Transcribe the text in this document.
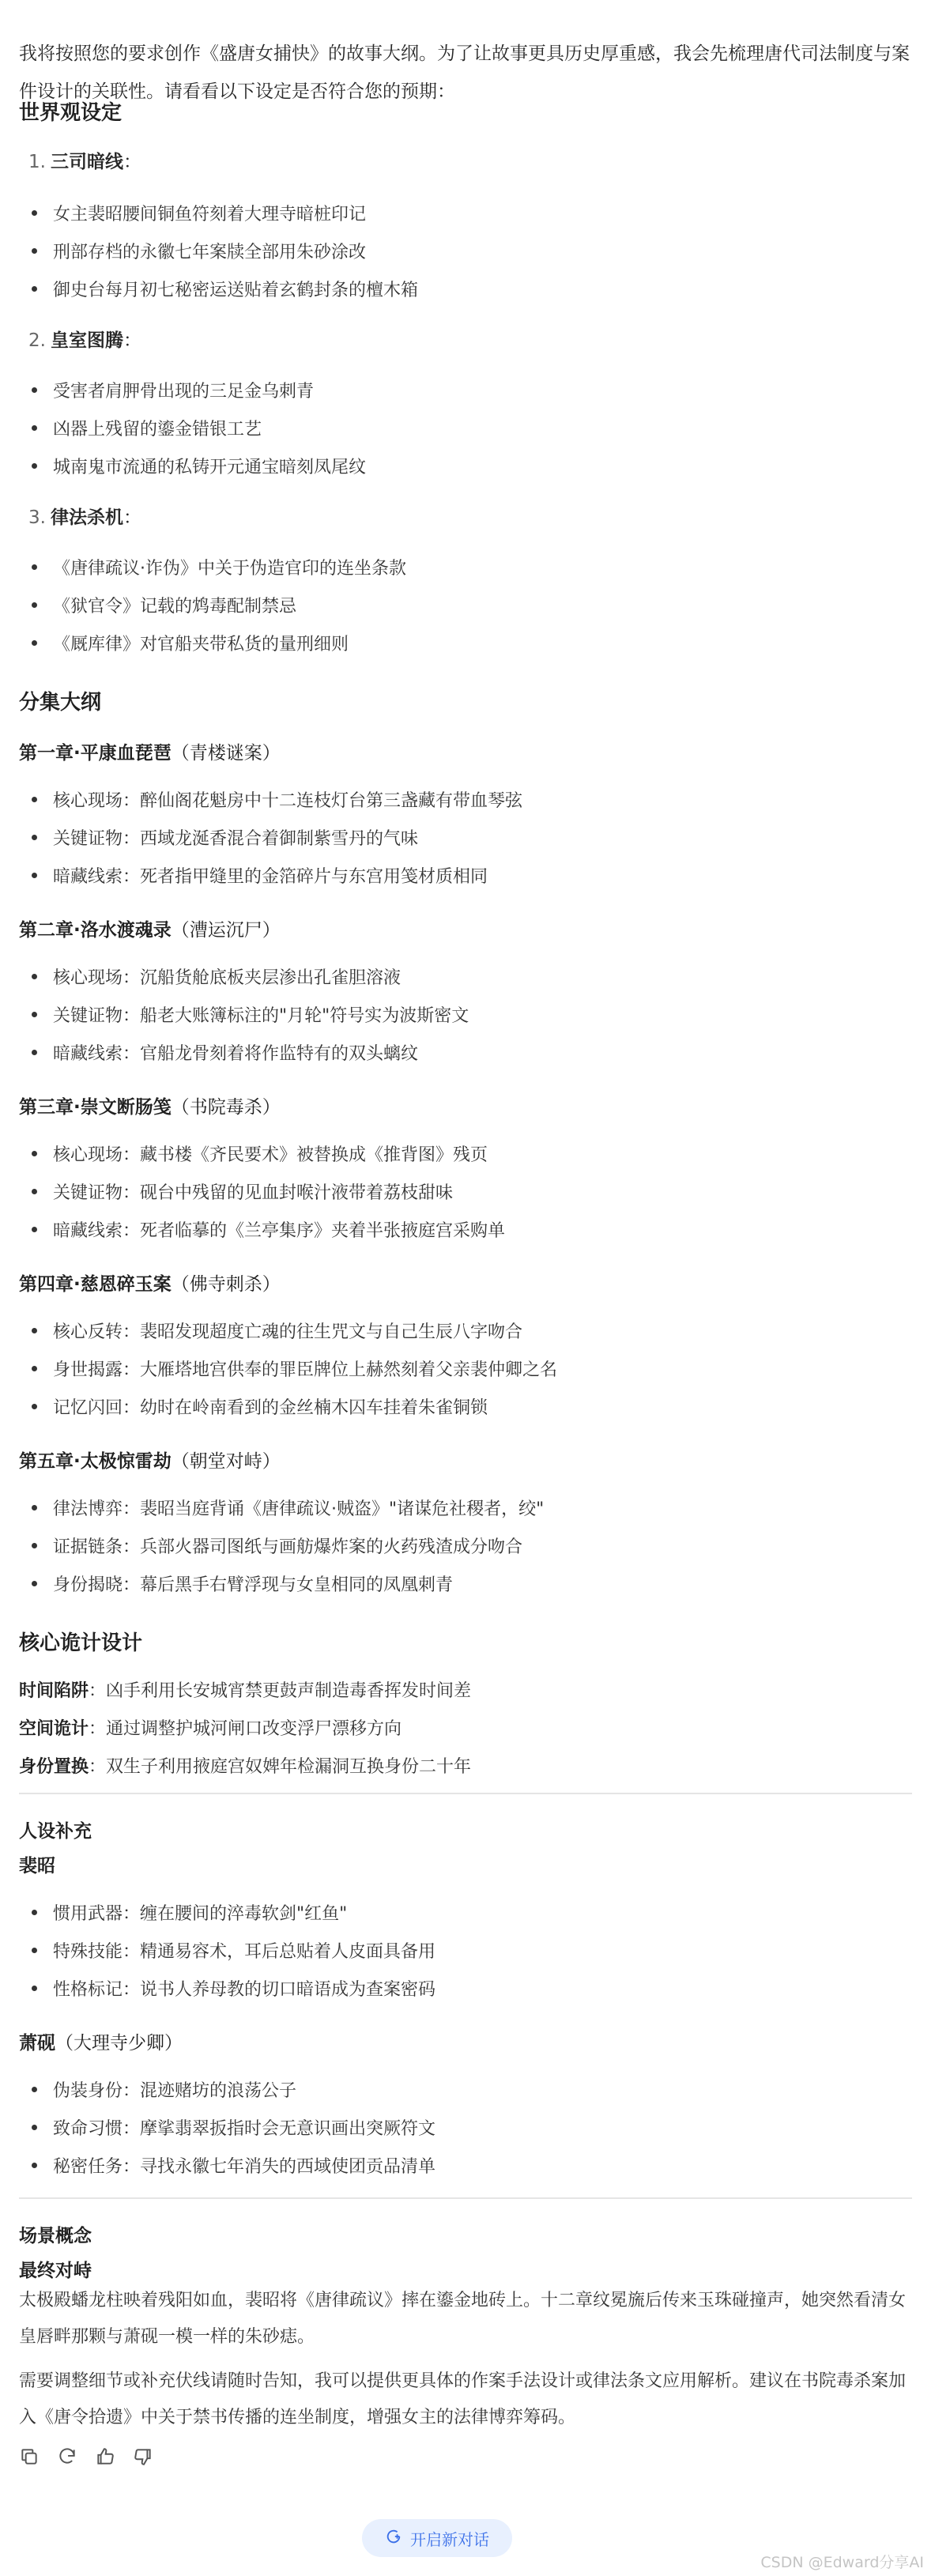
我将按照您的要求创作《盛唐女捕快》的故事大纲。为了让故事更具历史厚重感，我会先梳理唐代司法制度与案件设计的关联性。请看看以下设定是否符合您的预期：
世界观设定
1. 三司暗线：
女主裴昭腰间铜鱼符刻着大理寺暗桩印记
刑部存档的永徽七年案牍全部用朱砂涂改
御史台每月初七秘密运送贴着玄鹤封条的檀木箱
2. 皇室图腾：
受害者肩胛骨出现的三足金乌刺青
凶器上残留的鎏金错银工艺
城南鬼市流通的私铸开元通宝暗刻凤尾纹
3. 律法杀机：
《唐律疏议·诈伪》中关于伪造官印的连坐条款
《狱官令》记载的鸩毒配制禁忌
《厩库律》对官船夹带私货的量刑细则
分集大纲
第一章·平康血琵琶（青楼谜案）
核心现场：醉仙阁花魁房中十二连枝灯台第三盏藏有带血琴弦
关键证物：西域龙涎香混合着御制紫雪丹的气味
暗藏线索：死者指甲缝里的金箔碎片与东宫用笺材质相同
第二章·洛水渡魂录（漕运沉尸）
核心现场：沉船货舱底板夹层渗出孔雀胆溶液
关键证物：船老大账簿标注的"月轮"符号实为波斯密文
暗藏线索：官船龙骨刻着将作监特有的双头螭纹
第三章·崇文断肠笺（书院毒杀）
核心现场：藏书楼《齐民要术》被替换成《推背图》残页
关键证物：砚台中残留的见血封喉汁液带着荔枝甜味
暗藏线索：死者临摹的《兰亭集序》夹着半张掖庭宫采购单
第四章·慈恩碎玉案（佛寺刺杀）
核心反转：裴昭发现超度亡魂的往生咒文与自己生辰八字吻合
身世揭露：大雁塔地宫供奉的罪臣牌位上赫然刻着父亲裴仲卿之名
记忆闪回：幼时在岭南看到的金丝楠木囚车挂着朱雀铜锁
第五章·太极惊雷劫（朝堂对峙）
律法博弈：裴昭当庭背诵《唐律疏议·贼盗》"诸谋危社稷者，绞"
证据链条：兵部火器司图纸与画舫爆炸案的火药残渣成分吻合
身份揭晓：幕后黑手右臂浮现与女皇相同的凤凰刺青
核心诡计设计
时间陷阱：凶手利用长安城宵禁更鼓声制造毒香挥发时间差
空间诡计：通过调整护城河闸口改变浮尸漂移方向
身份置换：双生子利用掖庭宫奴婢年检漏洞互换身份二十年
人设补充
裴昭
惯用武器：缠在腰间的淬毒软剑"红鱼"
特殊技能：精通易容术，耳后总贴着人皮面具备用
性格标记：说书人养母教的切口暗语成为查案密码
萧砚（大理寺少卿）
伪装身份：混迹赌坊的浪荡公子
致命习惯：摩挲翡翠扳指时会无意识画出突厥符文
秘密任务：寻找永徽七年消失的西域使团贡品清单
场景概念
最终对峙
太极殿蟠龙柱映着残阳如血，裴昭将《唐律疏议》摔在鎏金地砖上。十二章纹冕旒后传来玉珠碰撞声，她突然看清女皇唇畔那颗与萧砚一模一样的朱砂痣。
需要调整细节或补充伏线请随时告知，我可以提供更具体的作案手法设计或律法条文应用解析。建议在书院毒杀案加入《唐令拾遗》中关于禁书传播的连坐制度，增强女主的法律博弈筹码。
开启新对话
CSDN @Edward分享AI
